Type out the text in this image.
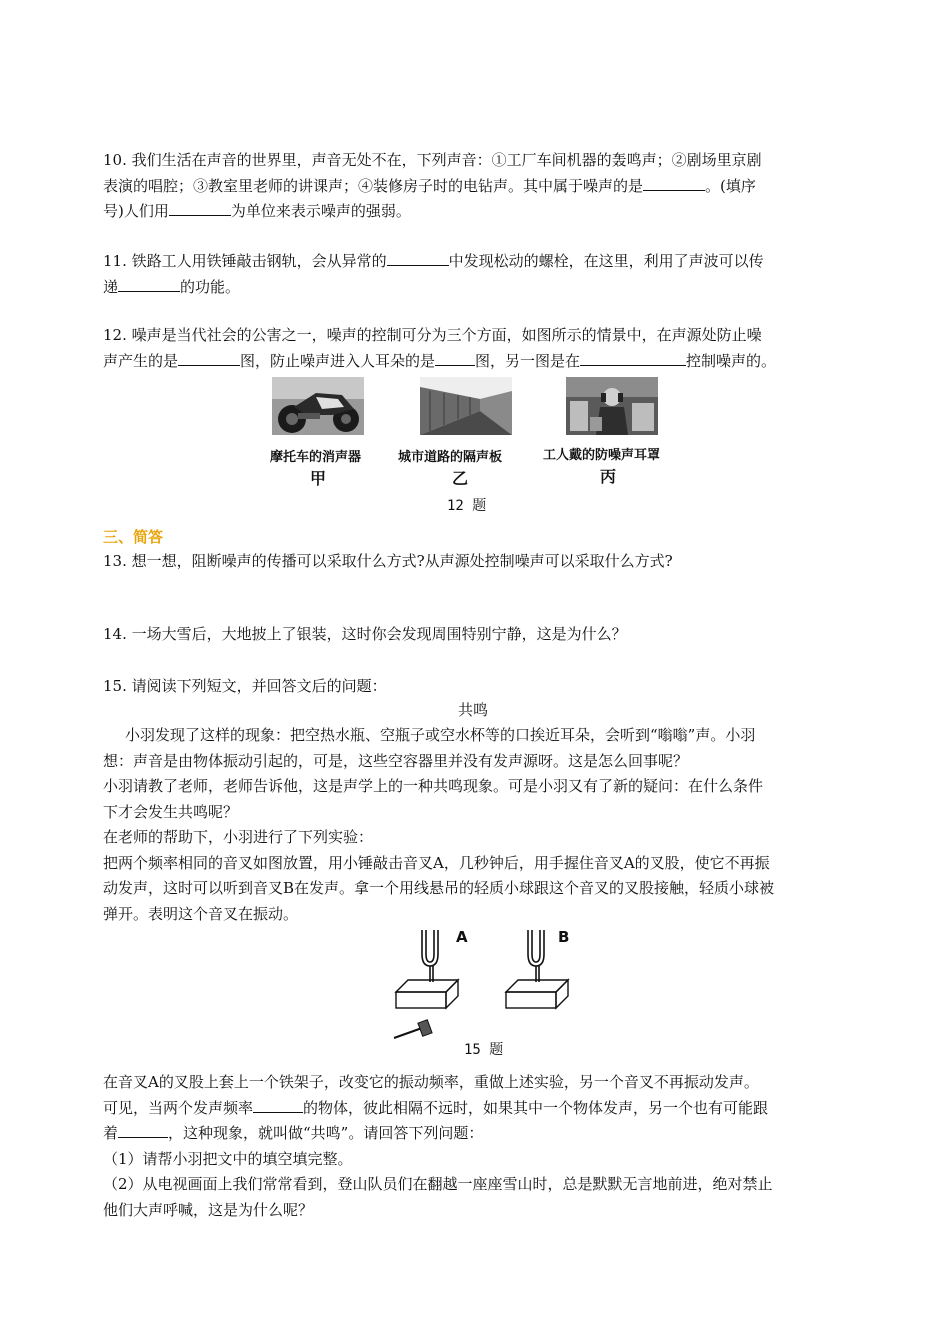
10. 我们生活在声音的世界里，声音无处不在，下列声音：①工厂车间机器的轰鸣声；②剧场里京剧
表演的唱腔；③教室里老师的讲课声；④装修房子时的电钻声。其中属于噪声的是	。(填序
号)人们用	为单位来表示噪声的强弱。
11. 铁路工人用铁锤敲击钢轨，会从异常的	中发现松动的螺栓，在这里，利用了声波可以传
递	的功能。
12. 噪声是当代社会的公害之一，噪声的控制可分为三个方面，如图所示的情景中，在声源处防止噪
声产生的是	图，防止噪声进入人耳朵的是	图，另一图是在	控制噪声的。
摩托车的消声器	城市道路的隔声板	工人戴的防噪声耳罩
甲	乙	丙
12 题
三、简答
13. 想一想，阻断噪声的传播可以采取什么方式?从声源处控制噪声可以采取什么方式?
14. 一场大雪后，大地披上了银装，这时你会发现周围特别宁静，这是为什么？
15. 请阅读下列短文，并回答文后的问题：
共鸣
小羽发现了这样的现象：把空热水瓶、空瓶子或空水杯等的口挨近耳朵，会听到“嗡嗡”声。小羽
想：声音是由物体振动引起的，可是，这些空容器里并没有发声源呀。这是怎么回事呢？
小羽请教了老师，老师告诉他，这是声学上的一种共鸣现象。可是小羽又有了新的疑问：在什么条件
下才会发生共鸣呢？
在老师的帮助下，小羽进行了下列实验：
把两个频率相同的音叉如图放置，用小锤敲击音叉A，几秒钟后，用手握住音叉A的叉股，使它不再振
动发声，这时可以听到音叉B在发声。拿一个用线悬吊的轻质小球跟这个音叉的叉股接触，轻质小球被
弹开。表明这个音叉在振动。
A	B
15 题
在音叉A的叉股上套上一个铁架子，改变它的振动频率，重做上述实验，另一个音叉不再振动发声。
可见，当两个发声频率	的物体，彼此相隔不远时，如果其中一个物体发声，另一个也有可能跟
着	，这种现象，就叫做“共鸣”。请回答下列问题：
（1）请帮小羽把文中的填空填完整。
（2）从电视画面上我们常常看到，登山队员们在翻越一座座雪山时，总是默默无言地前进，绝对禁止
他们大声呼喊，这是为什么呢？
